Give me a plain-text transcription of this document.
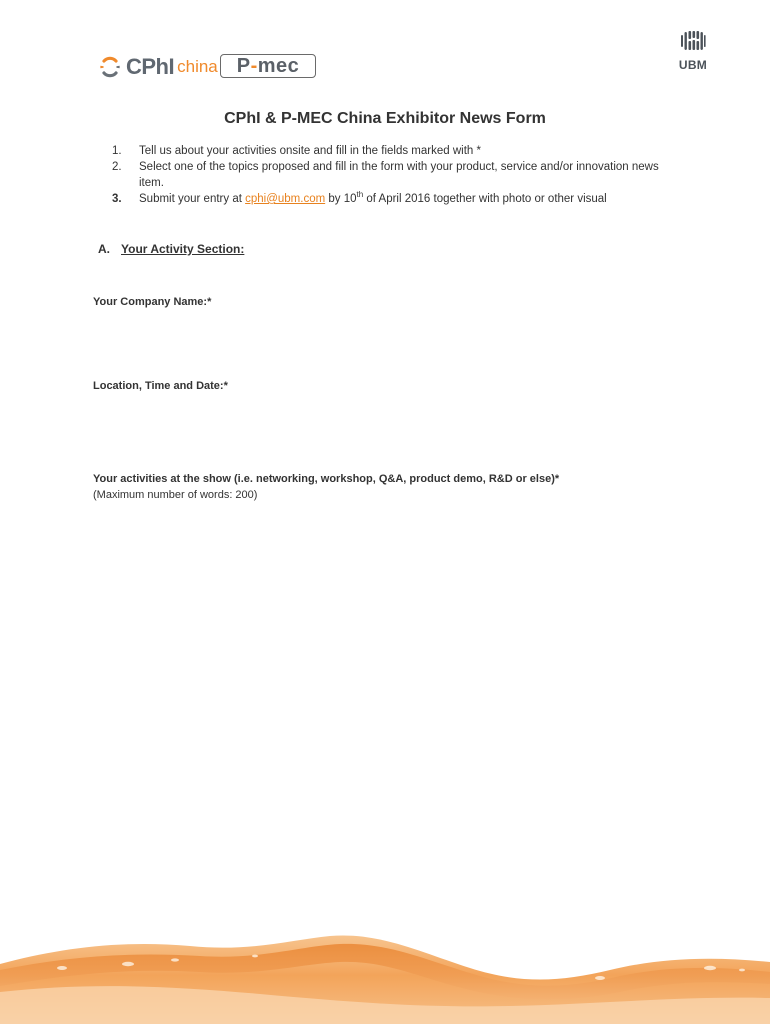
CPhI china P - mec	UBM
CPhI & P-MEC China Exhibitor News Form
1.	Tell us about your activities onsite and fill in the fields marked with *
2.	Select one of the topics proposed and fill in the form with your product, service and/or innovation news item.
3.	Submit your entry at cphi@ubm.com by 10th of April 2016 together with photo or other visual
A. Your Activity Section:
Your Company Name:*
Location, Time and Date:*
Your activities at the show (i.e. networking, workshop, Q&A, product demo, R&D or else)*
(Maximum number of words: 200)
